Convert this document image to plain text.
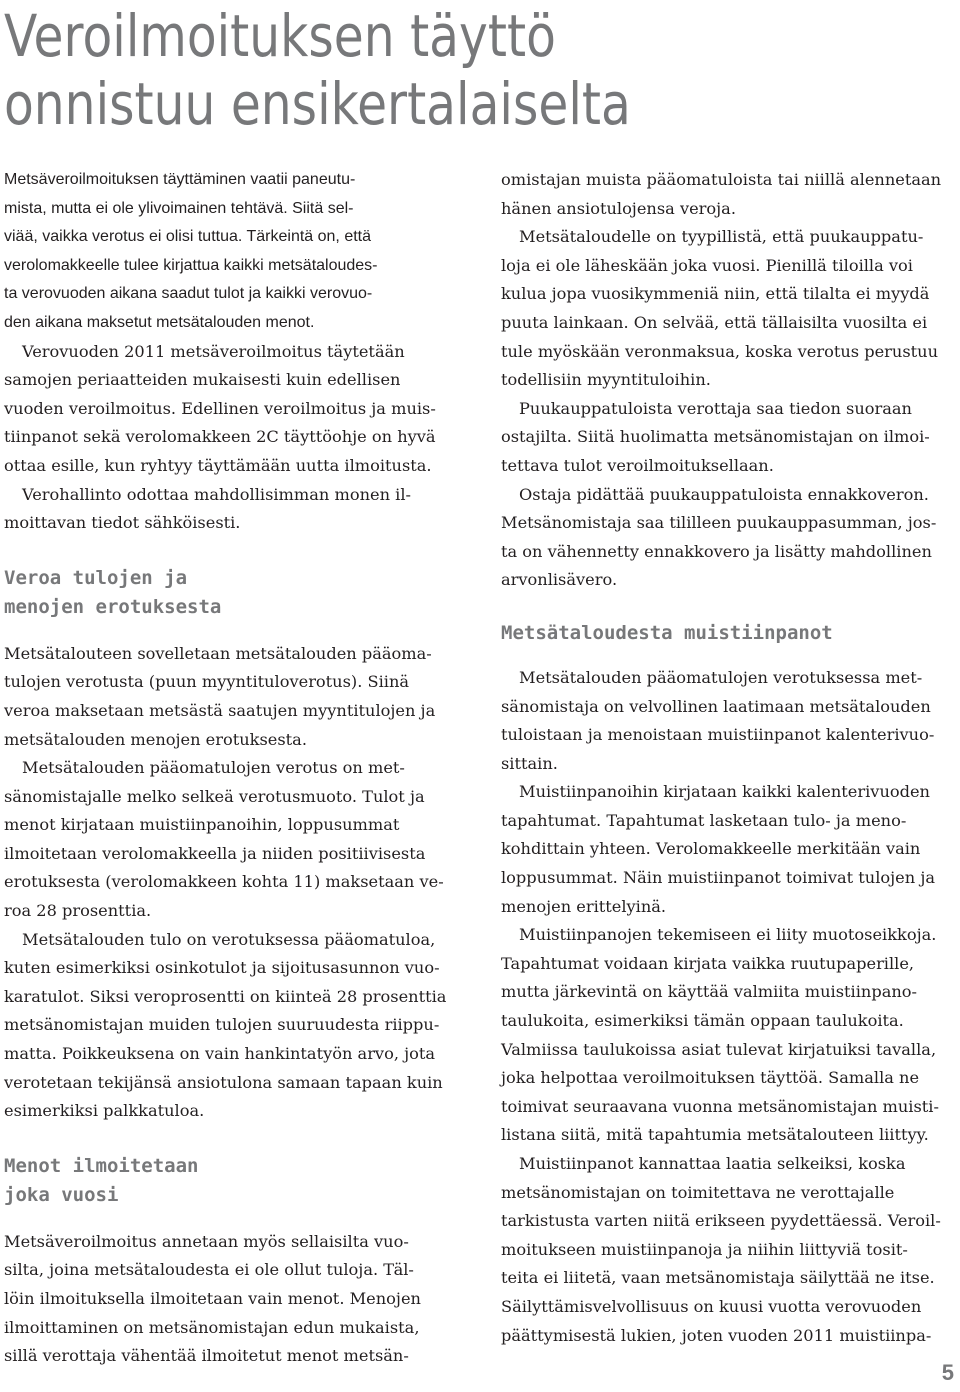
Veroilmoituksen täyttö
onnistuu ensikertalaiselta

Metsäveroilmoituksen täyttäminen vaatii paneutu-
mista, mutta ei ole ylivoimainen tehtävä. Siitä sel-
viää, vaikka verotus ei olisi tuttua. Tärkeintä on, että
verolomakkeelle tulee kirjattua kaikki metsätaloudes-
ta verovuoden aikana saadut tulot ja kaikki verovuo-
den aikana maksetut metsätalouden menot.

Verovuoden 2011 metsäveroilmoitus täytetään
samojen periaatteiden mukaisesti kuin edellisen
vuoden veroilmoitus. Edellinen veroilmoitus ja muis-
tiinpanot sekä verolomakkeen 2C täyttöohje on hyvä
ottaa esille, kun ryhtyy täyttämään uutta ilmoitusta.

Verohallinto odottaa mahdollisimman monen il-
moittavan tiedot sähköisesti.

Veroa tulojen ja
menojen erotuksesta

Metsätalouteen sovelletaan metsätalouden pääoma-
tulojen verotusta (puun myyntituloverotus). Siinä
veroa maksetaan metsästä saatujen myyntitulojen ja
metsätalouden menojen erotuksesta.

Metsätalouden pääomatulojen verotus on met-
sänomistajalle melko selkeä verotusmuoto. Tulot ja
menot kirjataan muistiinpanoihin, loppusummat
ilmoitetaan verolomakkeella ja niiden positiivisesta
erotuksesta (verolomakkeen kohta 11) maksetaan ve-
roa 28 prosenttia.

Metsätalouden tulo on verotuksessa pääomatuloa,
kuten esimerkiksi osinkotulot ja sijoitusasunnon vuo-
karatulot. Siksi veroprosentti on kiinteä 28 prosenttia
metsänomistajan muiden tulojen suuruudesta riippu-
matta. Poikkeuksena on vain hankintatyön arvo, jota
verotetaan tekijänsä ansiotulona samaan tapaan kuin
esimerkiksi palkkatuloa.

Menot ilmoitetaan
joka vuosi

Metsäveroilmoitus annetaan myös sellaisilta vuo-
silta, joina metsätaloudesta ei ole ollut tuloja. Täl-
löin ilmoituksella ilmoitetaan vain menot. Menojen
ilmoittaminen on metsänomistajan edun mukaista,
sillä verottaja vähentää ilmoitetut menot metsän-

omistajan muista pääomatuloista tai niillä alennetaan
hänen ansiotulojensa veroja.

Metsätaloudelle on tyypillistä, että puukauppatu-
loja ei ole läheskään joka vuosi. Pienillä tiloilla voi
kulua jopa vuosikymmeniä niin, että tilalta ei myydä
puuta lainkaan. On selvää, että tällaisilta vuosilta ei
tule myöskään veronmaksua, koska verotus perustuu
todellisiin myyntituloihin.

Puukauppatuloista verottaja saa tiedon suoraan
ostajilta. Siitä huolimatta metsänomistajan on ilmoi-
tettava tulot veroilmoituksellaan.

Ostaja pidättää puukauppatuloista ennakkoveron.
Metsänomistaja saa tililleen puukauppasumman, jos-
ta on vähennetty ennakkovero ja lisätty mahdollinen
arvonlisävero.

Metsätaloudesta muistiinpanot

Metsätalouden pääomatulojen verotuksessa met-
sänomistaja on velvollinen laatimaan metsätalouden
tuloistaan ja menoistaan muistiinpanot kalenterivuo-
sittain.

Muistiinpanoihin kirjataan kaikki kalenterivuoden
tapahtumat. Tapahtumat lasketaan tulo- ja meno-
kohdittain yhteen. Verolomakkeelle merkitään vain
loppusummat. Näin muistiinpanot toimivat tulojen ja
menojen erittelyinä.

Muistiinpanojen tekemiseen ei liity muotoseikkoja.
Tapahtumat voidaan kirjata vaikka ruutupaperille,
mutta järkevintä on käyttää valmiita muistiinpano-
taulukoita, esimerkiksi tämän oppaan taulukoita.
Valmiissa taulukoissa asiat tulevat kirjatuiksi tavalla,
joka helpottaa veroilmoituksen täyttöä. Samalla ne
toimivat seuraavana vuonna metsänomistajan muisti-
listana siitä, mitä tapahtumia metsätalouteen liittyy.

Muistiinpanot kannattaa laatia selkeiksi, koska
metsänomistajan on toimitettava ne verottajalle
tarkistusta varten niitä erikseen pyydettäessä. Veroil-
moitukseen muistiinpanoja ja niihin liittyviä tosit-
teita ei liitetä, vaan metsänomistaja säilyttää ne itse.
Säilyttämisvelvollisuus on kuusi vuotta verovuoden
päättymisestä lukien, joten vuoden 2011 muistiinpa-

5
